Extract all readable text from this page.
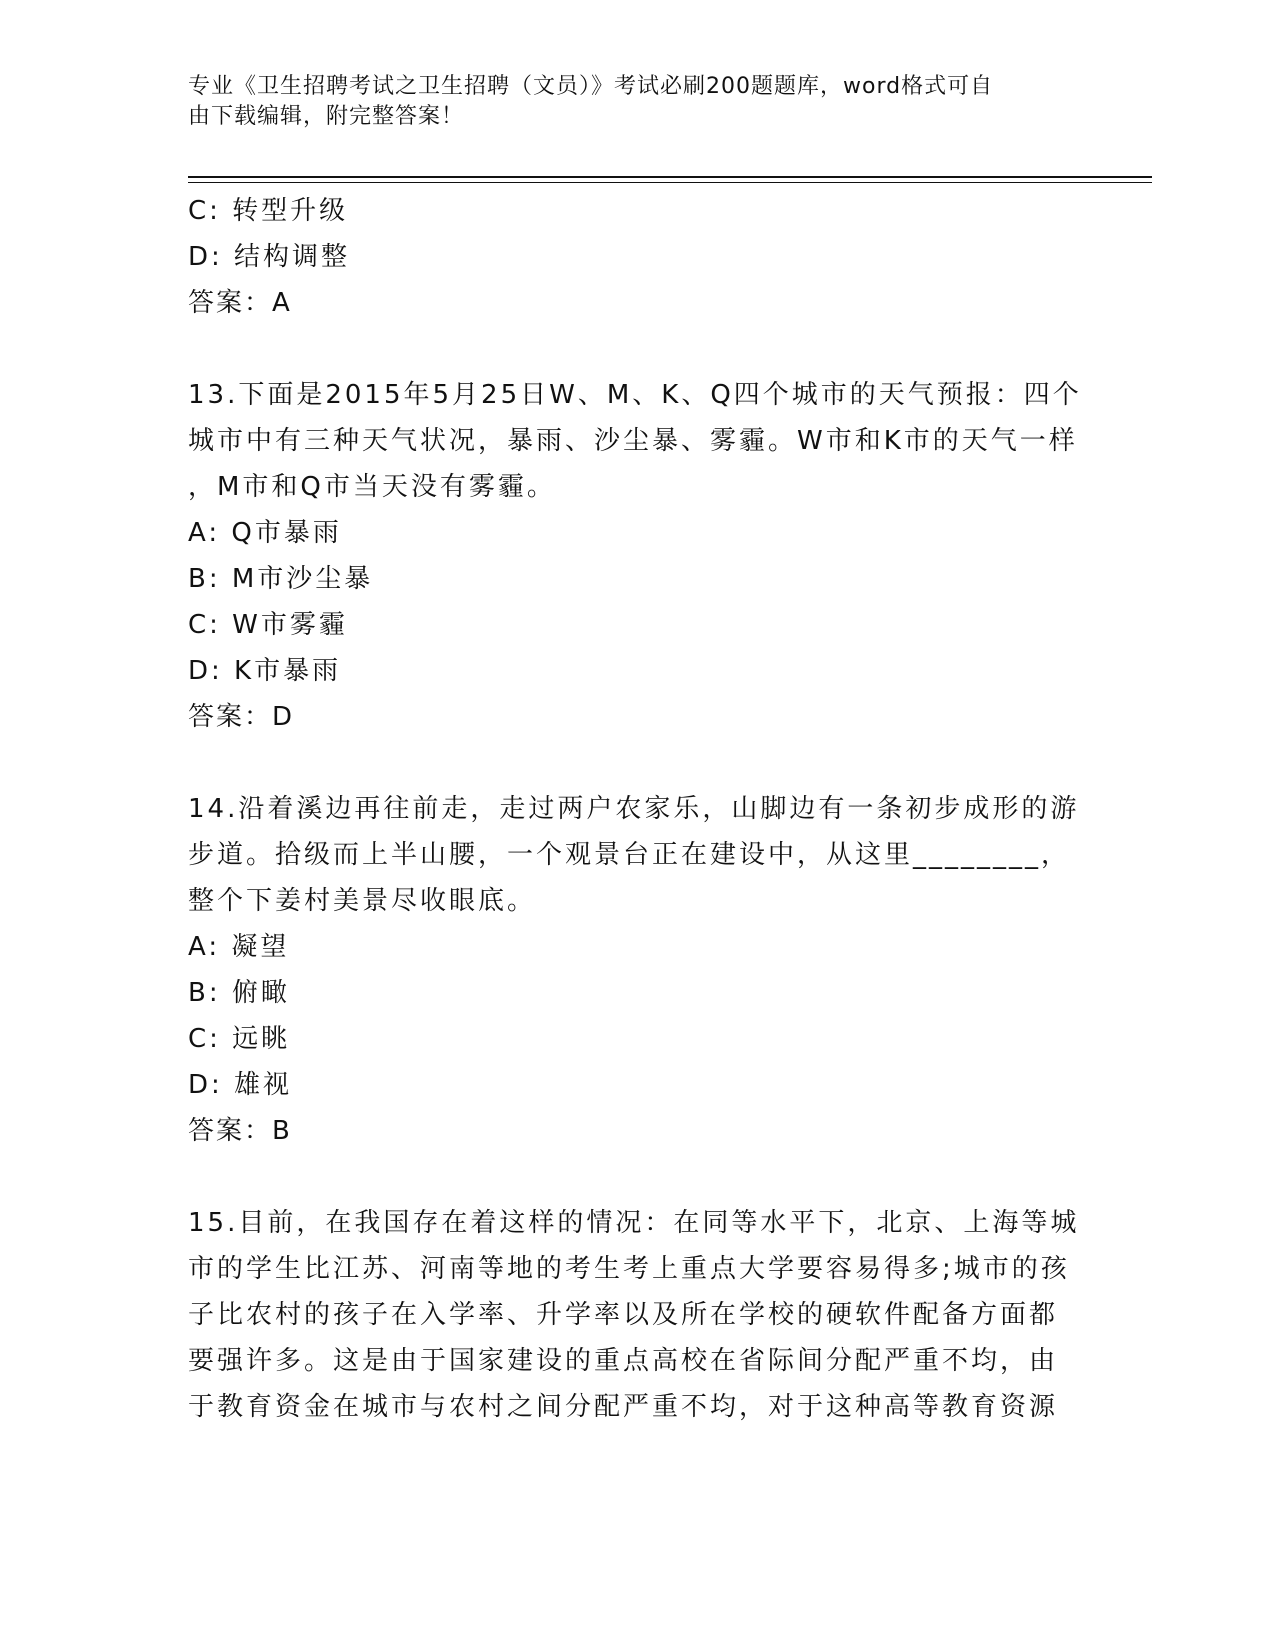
专业《卫生招聘考试之卫生招聘（文员）》考试必刷200题题库，word格式可自
由下载编辑，附完整答案！
C: 转型升级
D: 结构调整
答案：A
13.下面是2015年5月25日W、M、K、Q四个城市的天气预报：四个
城市中有三种天气状况，暴雨、沙尘暴、雾霾。W市和K市的天气一样
，M市和Q市当天没有雾霾。
A: Q市暴雨
B: M市沙尘暴
C: W市雾霾
D: K市暴雨
答案：D
14.沿着溪边再往前走，走过两户农家乐，山脚边有一条初步成形的游
步道。拾级而上半山腰，一个观景台正在建设中，从这里________，
整个下姜村美景尽收眼底。
A: 凝望
B: 俯瞰
C: 远眺
D: 雄视
答案：B
15.目前，在我国存在着这样的情况：在同等水平下，北京、上海等城
市的学生比江苏、河南等地的考生考上重点大学要容易得多;城市的孩
子比农村的孩子在入学率、升学率以及所在学校的硬软件配备方面都
要强许多。这是由于国家建设的重点高校在省际间分配严重不均，由
于教育资金在城市与农村之间分配严重不均，对于这种高等教育资源
